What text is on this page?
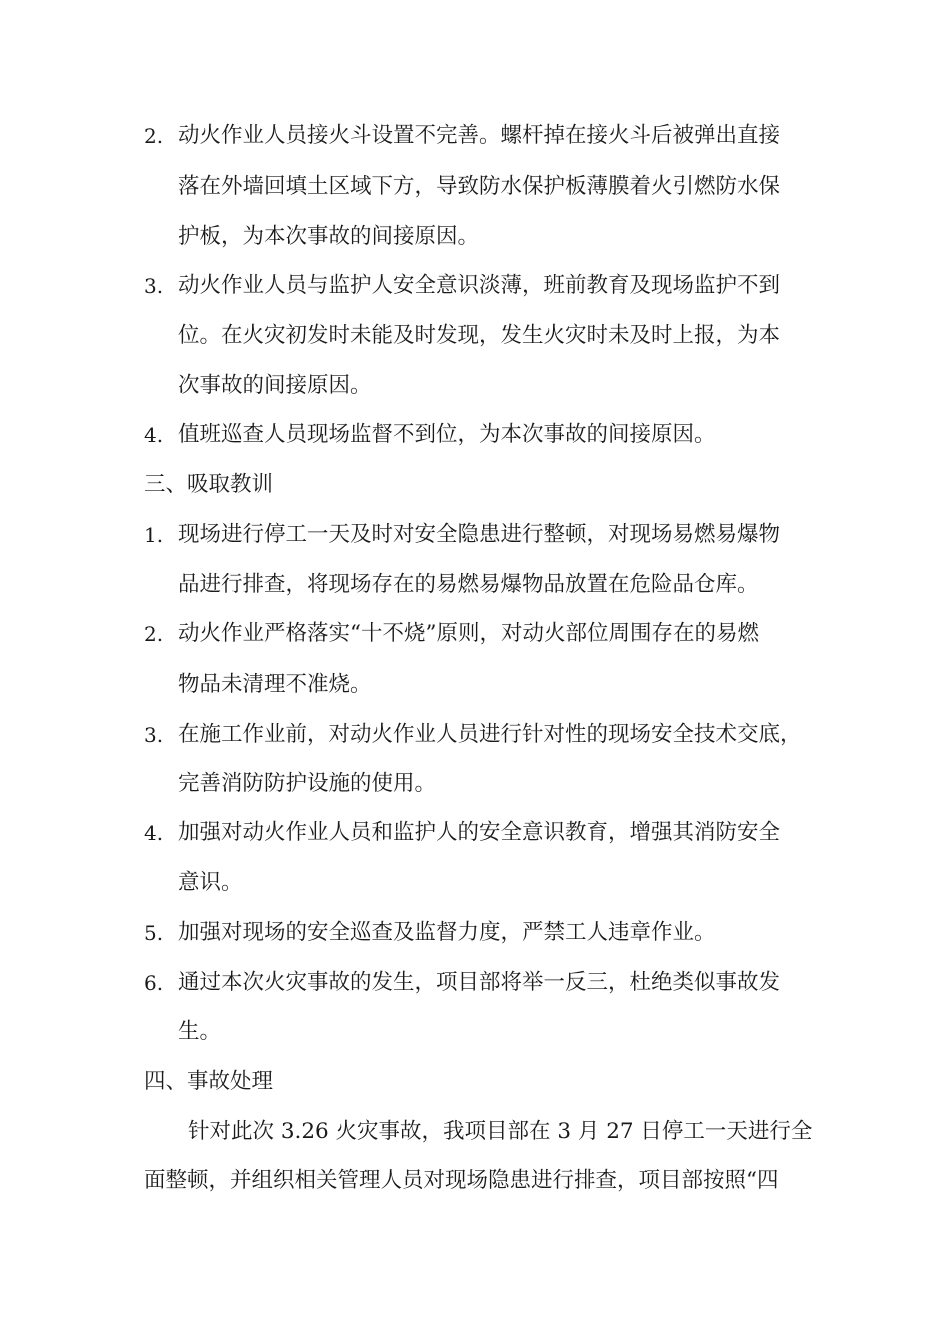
2. 动火作业人员接火斗设置不完善。螺杆掉在接火斗后被弹出直接
落在外墙回填土区域下方，导致防水保护板薄膜着火引燃防水保
护板，为本次事故的间接原因。
3. 动火作业人员与监护人安全意识淡薄，班前教育及现场监护不到
位。在火灾初发时未能及时发现，发生火灾时未及时上报，为本
次事故的间接原因。
4. 值班巡查人员现场监督不到位，为本次事故的间接原因。
三、吸取教训
1. 现场进行停工一天及时对安全隐患进行整顿，对现场易燃易爆物
品进行排查，将现场存在的易燃易爆物品放置在危险品仓库。
2. 动火作业严格落实“十不烧”原则，对动火部位周围存在的易燃
物品未清理不准烧。
3. 在施工作业前，对动火作业人员进行针对性的现场安全技术交底，
完善消防防护设施的使用。
4. 加强对动火作业人员和监护人的安全意识教育，增强其消防安全
意识。
5. 加强对现场的安全巡查及监督力度，严禁工人违章作业。
6. 通过本次火灾事故的发生，项目部将举一反三，杜绝类似事故发
生。
四、事故处理
针对此次 3.26 火灾事故，我项目部在 3 月 27 日停工一天进行全
面整顿，并组织相关管理人员对现场隐患进行排查，项目部按照“四
